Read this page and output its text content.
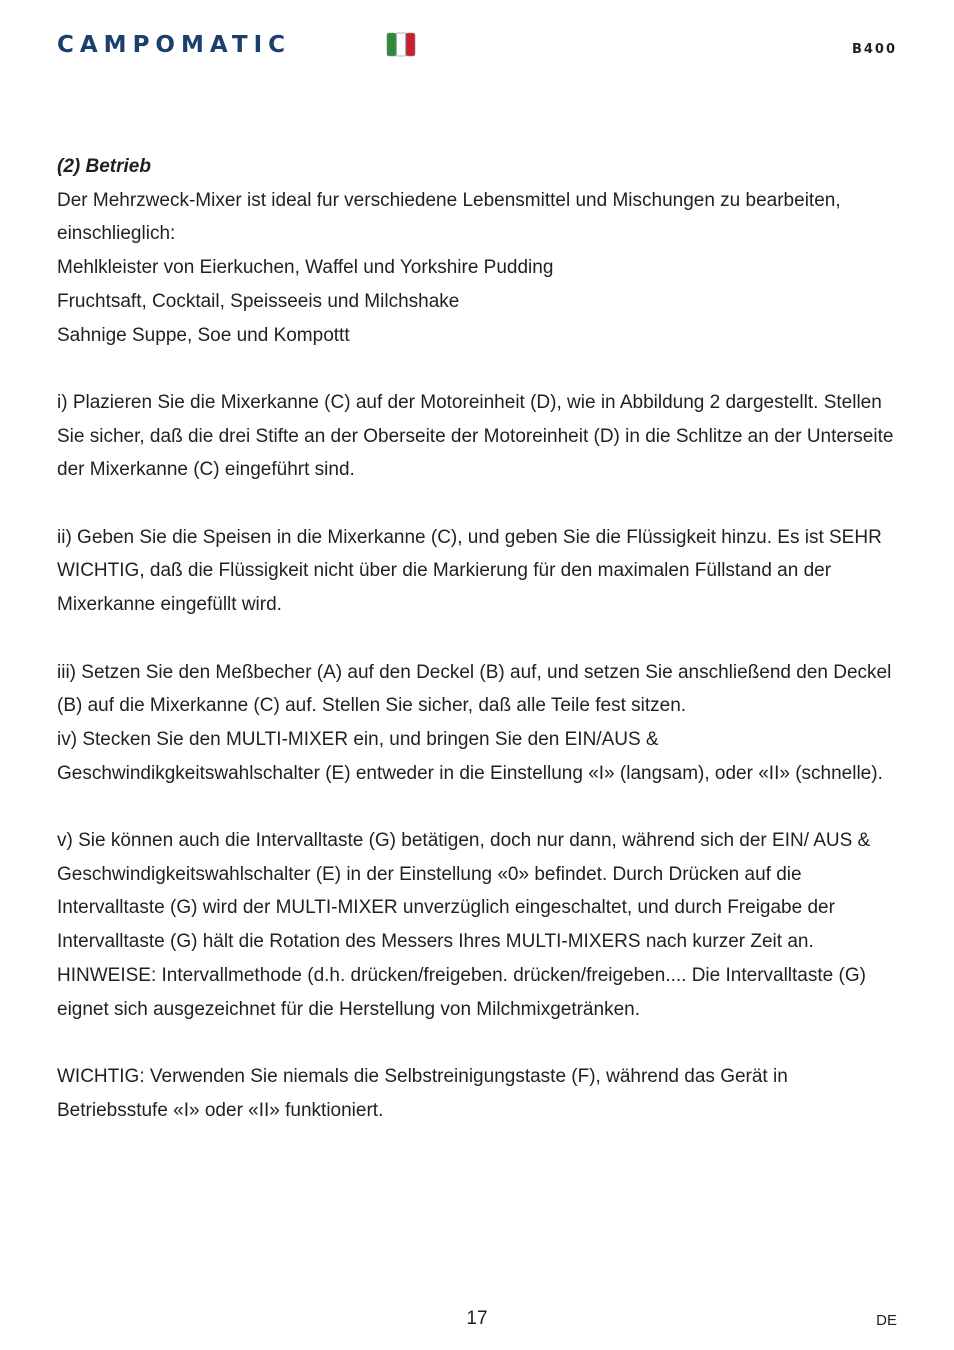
CAMPOMATIC	B400

(2) Betrieb

Der Mehrzweck-Mixer ist ideal fur verschiedene Lebensmittel und Mischungen zu bearbeiten, einschlieglich:

Mehlkleister von Eierkuchen, Waffel und Yorkshire Pudding

Fruchtsaft, Cocktail, Speisseeis und Milchshake

Sahnige Suppe, Soe und Kompottt

i) Plazieren Sie die Mixerkanne (C) auf der Motoreinheit (D), wie in Abbildung 2 dargestellt. Stellen Sie sicher, daß die drei Stifte an der Oberseite der Motoreinheit (D) in die Schlitze an der Unterseite der Mixerkanne (C) eingeführt sind.

ii) Geben Sie die Speisen in die Mixerkanne (C), und geben Sie die Flüssigkeit hinzu. Es ist SEHR WICHTIG, daß die Flüssigkeit nicht über die Markierung für den maximalen Füllstand an der Mixerkanne eingefüllt wird.

iii) Setzen Sie den Meßbecher (A) auf den Deckel (B) auf, und setzen Sie anschließend den Deckel (B) auf die Mixerkanne (C) auf. Stellen Sie sicher, daß alle Teile fest sitzen.

iv) Stecken Sie den MULTI-MIXER ein, und bringen Sie den EIN/AUS & Geschwindikgkeitswahlschalter (E) entweder in die Einstellung «I» (langsam), oder «II» (schnelle).

v) Sie können auch die Intervalltaste (G) betätigen, doch nur dann, während sich der EIN/ AUS & Geschwindigkeitswahlschalter (E) in der Einstellung «0» befindet. Durch Drücken auf die Intervalltaste (G) wird der MULTI-MIXER unverzüglich eingeschaltet, und durch Freigabe der Intervalltaste (G) hält die Rotation des Messers Ihres MULTI-MIXERS nach kurzer Zeit an.

HINWEISE: Intervallmethode (d.h. drücken/freigeben. drücken/freigeben.... Die Intervalltaste (G) eignet sich ausgezeichnet für die Herstellung von Milchmixgetränken.

WICHTIG: Verwenden Sie niemals die Selbstreinigungstaste (F), während das Gerät in Betriebsstufe «I» oder «II» funktioniert.

17	DE
